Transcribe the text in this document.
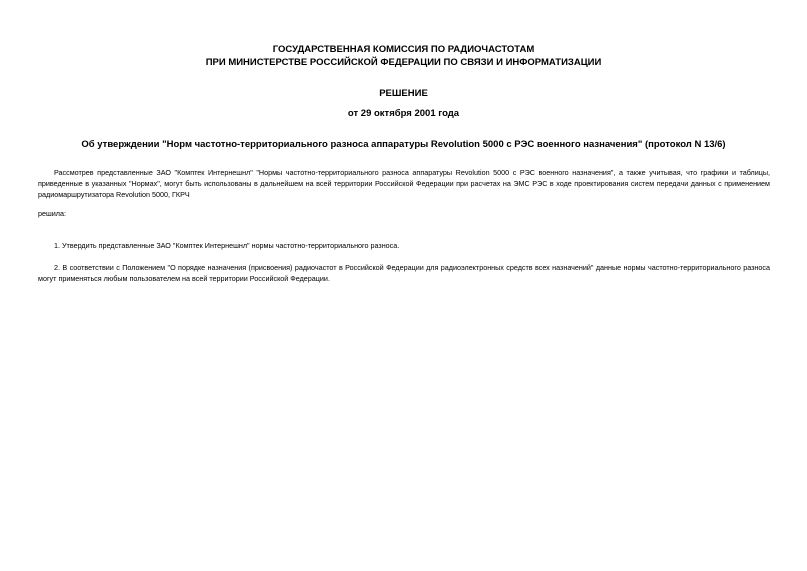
ГОСУДАРСТВЕННАЯ КОМИССИЯ ПО РАДИОЧАСТОТАМ
ПРИ МИНИСТЕРСТВЕ РОССИЙСКОЙ ФЕДЕРАЦИИ ПО СВЯЗИ И ИНФОРМАТИЗАЦИИ
РЕШЕНИЕ
от 29 октября 2001 года
Об утверждении "Норм частотно-территориального разноса аппаратуры Revolution 5000 с РЭС военного назначения" (протокол N 13/6)
Рассмотрев представленные ЗАО "Комптек Интернешнл" "Нормы частотно-территориального разноса аппаратуры Revolution 5000 с РЭС военного назначения", а также учитывая, что графики и таблицы, приведенные в указанных "Нормах", могут быть использованы в дальнейшем на всей территории Российской Федерации при расчетах на ЭМС РЭС в ходе проектирования систем передачи данных с применением радиомаршрутизатора Revolution 5000, ГКРЧ
решила:
1. Утвердить представленные ЗАО "Комптек Интернешнл" нормы частотно-территориального разноса.
2. В соответствии с Положением "О порядке назначения (присвоения) радиочастот в Российской Федерации для радиоэлектронных средств всех назначений" данные нормы частотно-территориального разноса могут применяться любым пользователем на всей территории Российской Федерации.
